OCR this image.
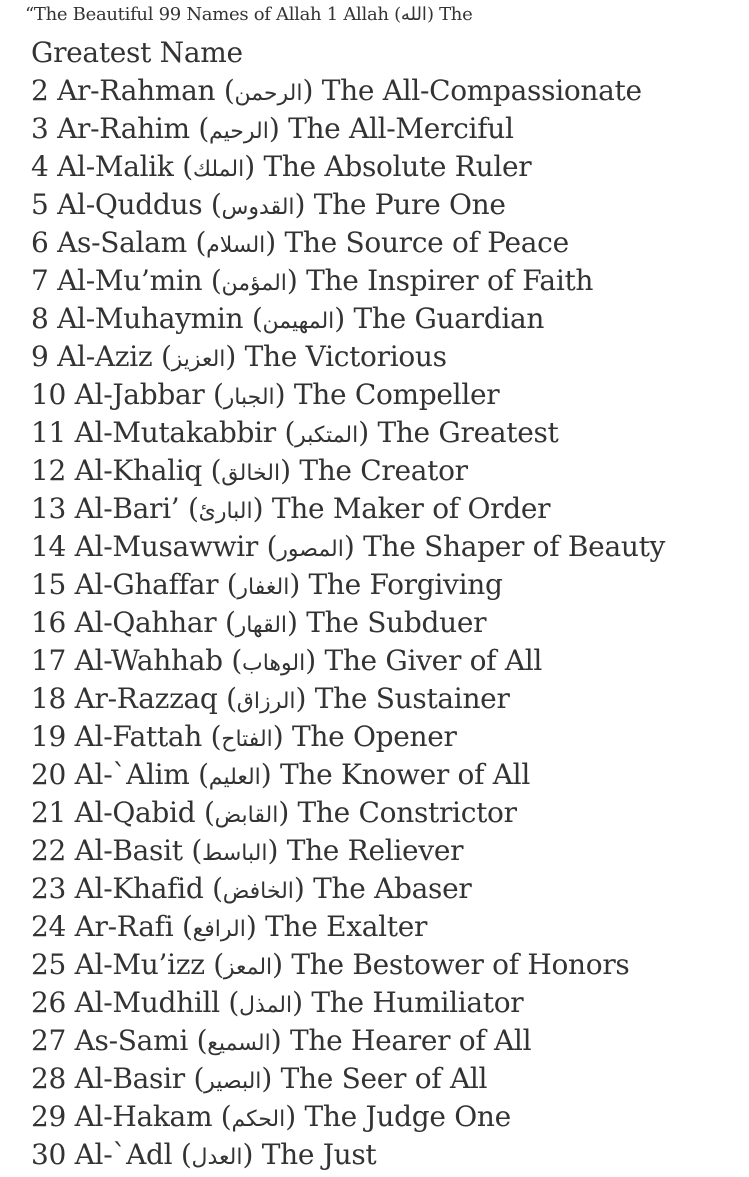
“The Beautiful 99 Names of Allah 1 Allah (الله) The
Greatest Name
2 Ar-Rahman (الرحمن) The All-Compassionate
3 Ar-Rahim (الرحيم) The All-Merciful
4 Al-Malik (الملك) The Absolute Ruler
5 Al-Quddus (القدوس) The Pure One
6 As-Salam (السلام) The Source of Peace
7 Al-Mu’min (المؤمن) The Inspirer of Faith
8 Al-Muhaymin (المهيمن) The Guardian
9 Al-Aziz (العزيز) The Victorious
10 Al-Jabbar (الجبار) The Compeller
11 Al-Mutakabbir (المتكبر) The Greatest
12 Al-Khaliq (الخالق) The Creator
13 Al-Bari’ (البارئ) The Maker of Order
14 Al-Musawwir (المصور) The Shaper of Beauty
15 Al-Ghaffar (الغفار) The Forgiving
16 Al-Qahhar (القهار) The Subduer
17 Al-Wahhab (الوهاب) The Giver of All
18 Ar-Razzaq (الرزاق) The Sustainer
19 Al-Fattah (الفتاح) The Opener
20 Al-`Alim (العليم) The Knower of All
21 Al-Qabid (القابض) The Constrictor
22 Al-Basit (الباسط) The Reliever
23 Al-Khafid (الخافض) The Abaser
24 Ar-Rafi (الرافع) The Exalter
25 Al-Mu’izz (المعز) The Bestower of Honors
26 Al-Mudhill (المذل) The Humiliator
27 As-Sami (السميع) The Hearer of All
28 Al-Basir (البصير) The Seer of All
29 Al-Hakam (الحكم) The Judge One
30 Al-`Adl (العدل) The Just
